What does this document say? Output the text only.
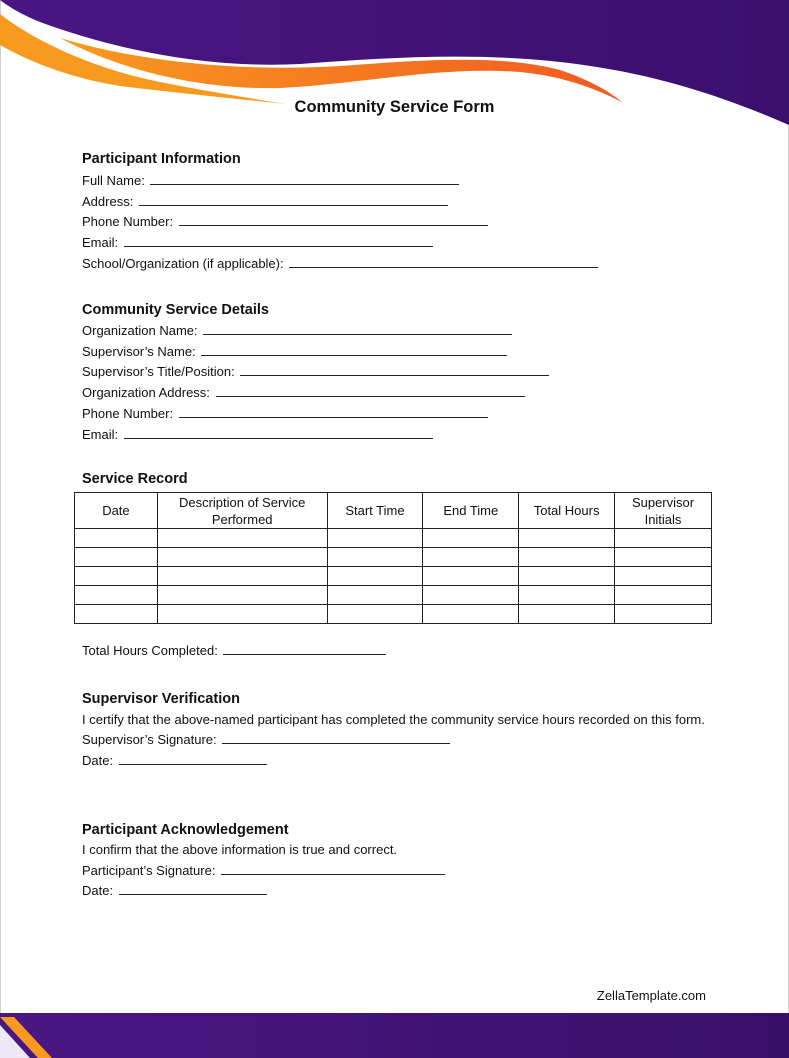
Community Service Form
Participant Information
Full Name:
Address:
Phone Number:
Email:
School/Organization (if applicable):
Community Service Details
Organization Name:
Supervisor’s Name:
Supervisor’s Title/Position:
Organization Address:
Phone Number:
Email:
Service Record
Date	Description of Service Performed	Start Time	End Time	Total Hours	Supervisor Initials

Total Hours Completed:
Supervisor Verification
I certify that the above-named participant has completed the community service hours recorded on this form.
Supervisor’s Signature:
Date:
Participant Acknowledgement
I confirm that the above information is true and correct.
Participant’s Signature:
Date:
ZellaTemplate.com
